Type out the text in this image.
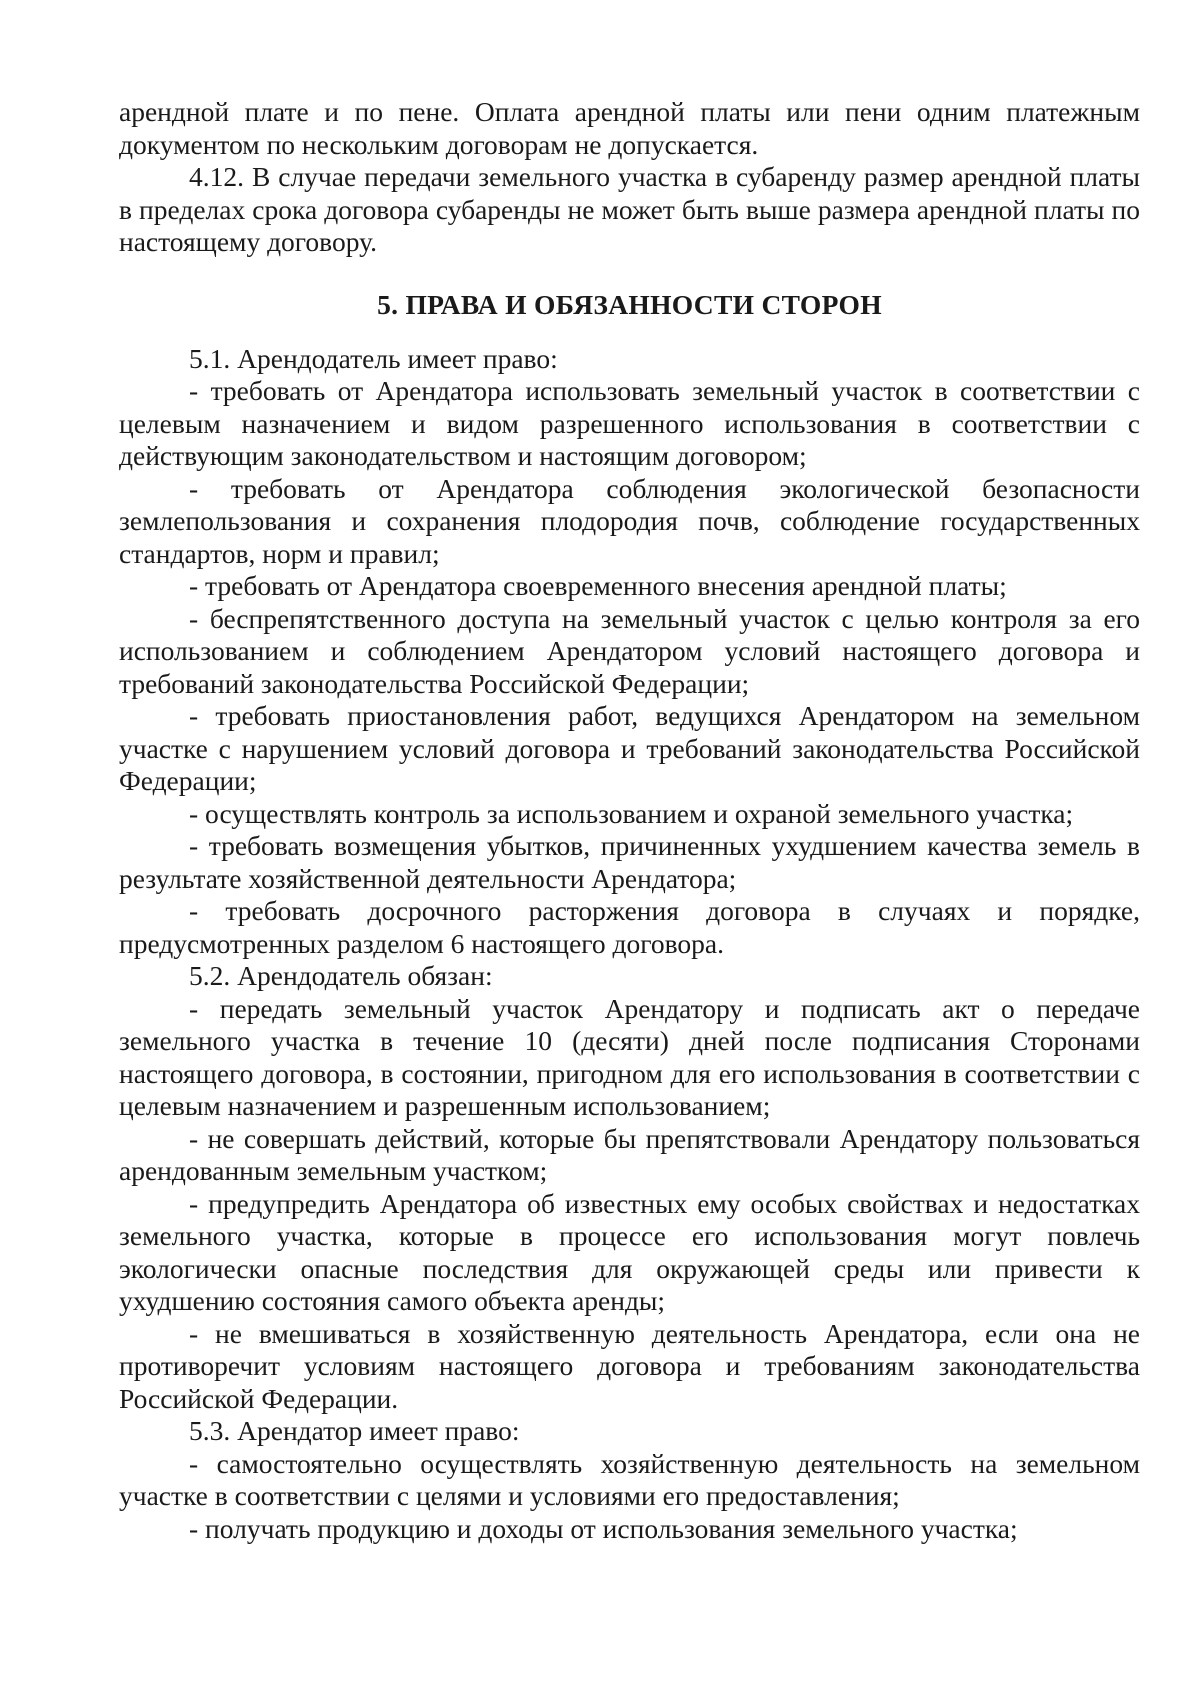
арендной плате и по пене. Оплата арендной платы или пени одним платежным документом по нескольким договорам не допускается.

4.12. В случае передачи земельного участка в субаренду размер арендной платы в пределах срока договора субаренды не может быть выше размера арендной платы по настоящему договору.

5. ПРАВА И ОБЯЗАННОСТИ СТОРОН

5.1. Арендодатель имеет право:

- требовать от Арендатора использовать земельный участок в соответствии с целевым назначением и видом разрешенного использования в соответствии с действующим законодательством и настоящим договором;

- требовать от Арендатора соблюдения экологической безопасности землепользования и сохранения плодородия почв, соблюдение государственных стандартов, норм и правил;

- требовать от Арендатора своевременного внесения арендной платы;

- беспрепятственного доступа на земельный участок с целью контроля за его использованием и соблюдением Арендатором условий настоящего договора и требований законодательства Российской Федерации;

- требовать приостановления работ, ведущихся Арендатором на земельном участке с нарушением условий договора и требований законодательства Российской Федерации;

- осуществлять контроль за использованием и охраной земельного участка;

- требовать возмещения убытков, причиненных ухудшением качества земель в результате хозяйственной деятельности Арендатора;

- требовать досрочного расторжения договора в случаях и порядке, предусмотренных разделом 6 настоящего договора.

5.2. Арендодатель обязан:

- передать земельный участок Арендатору и подписать акт о передаче земельного участка в течение 10 (десяти) дней после подписания Сторонами настоящего договора, в состоянии, пригодном для его использования в соответствии с целевым назначением и разрешенным использованием;

- не совершать действий, которые бы препятствовали Арендатору пользоваться арендованным земельным участком;

- предупредить Арендатора об известных ему особых свойствах и недостатках земельного участка, которые в процессе его использования могут повлечь экологически опасные последствия для окружающей среды или привести к ухудшению состояния самого объекта аренды;

- не вмешиваться в хозяйственную деятельность Арендатора, если она не противоречит условиям настоящего договора и требованиям законодательства Российской Федерации.

5.3. Арендатор имеет право:

- самостоятельно осуществлять хозяйственную деятельность на земельном участке в соответствии с целями и условиями его предоставления;

- получать продукцию и доходы от использования земельного участка;
